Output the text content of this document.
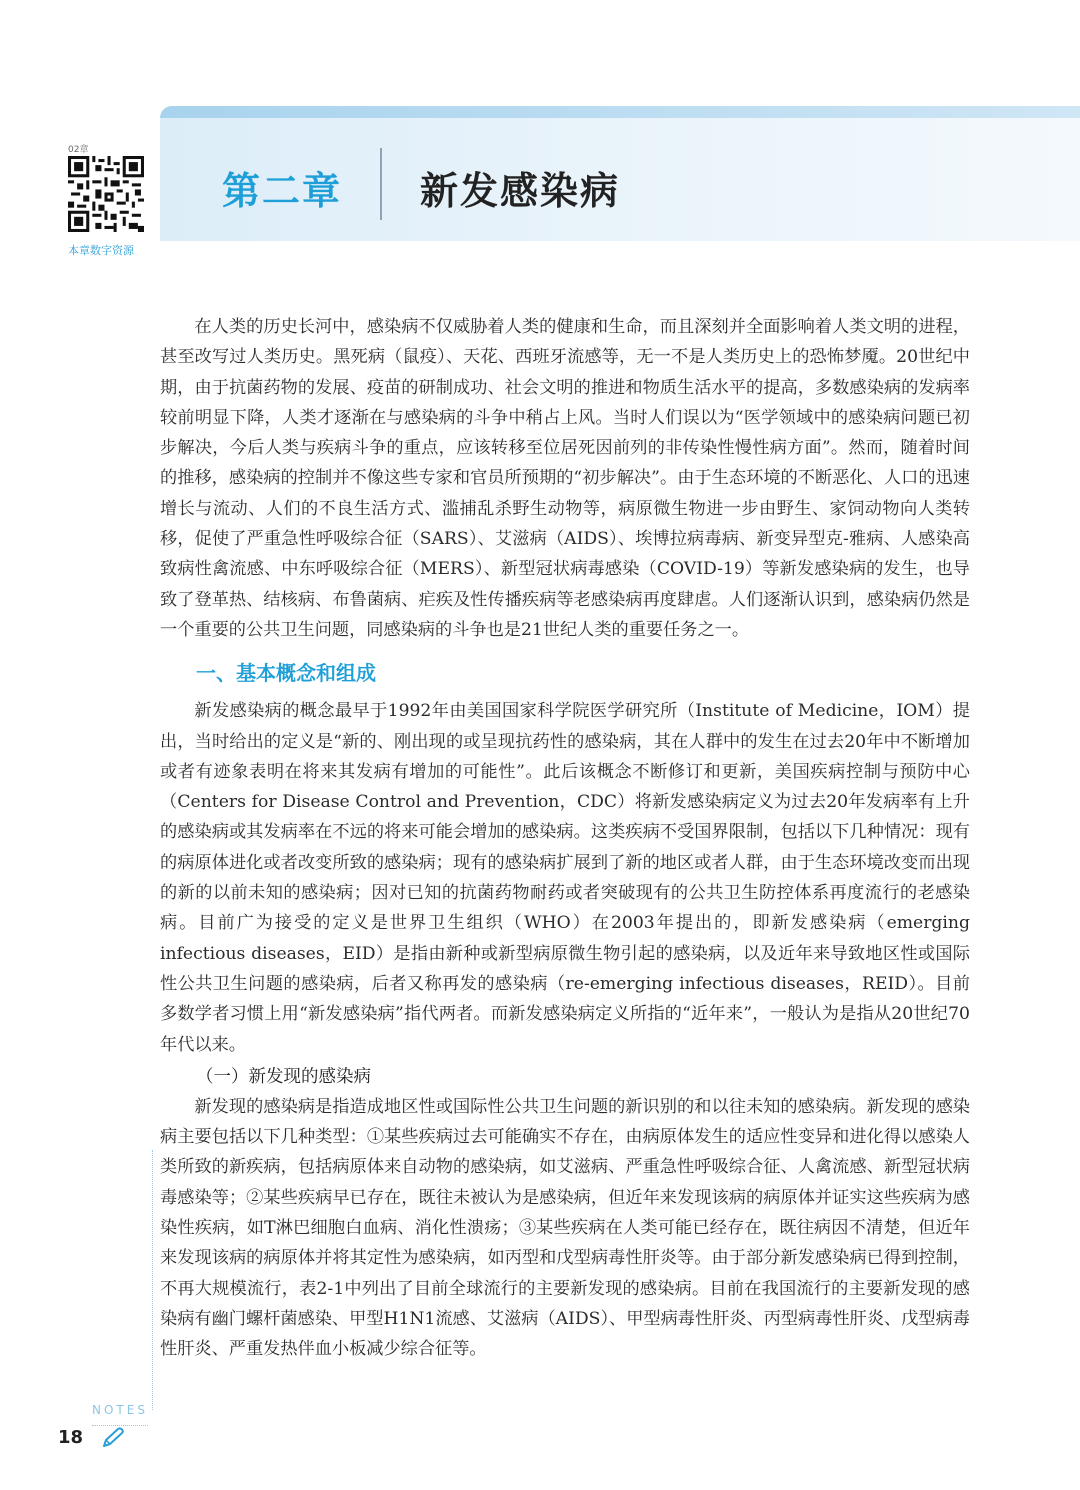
第二章 新发感染病
02章
本章数字资源

在人类的历史长河中，感染病不仅威胁着人类的健康和生命，而且深刻并全面影响着人类文明的进程，甚至改写过人类历史。黑死病（鼠疫）、天花、西班牙流感等，无一不是人类历史上的恐怖梦魇。20世纪中期，由于抗菌药物的发展、疫苗的研制成功、社会文明的推进和物质生活水平的提高，多数感染病的发病率较前明显下降，人类才逐渐在与感染病的斗争中稍占上风。当时人们误以为“医学领域中的感染病问题已初步解决，今后人类与疾病斗争的重点，应该转移至位居死因前列的非传染性慢性病方面”。然而，随着时间的推移，感染病的控制并不像这些专家和官员所预期的“初步解决”。由于生态环境的不断恶化、人口的迅速增长与流动、人们的不良生活方式、滥捕乱杀野生动物等，病原微生物进一步由野生、家饲动物向人类转移，促使了严重急性呼吸综合征（SARS）、艾滋病（AIDS）、埃博拉病毒病、新变异型克-雅病、人感染高致病性禽流感、中东呼吸综合征（MERS）、新型冠状病毒感染（COVID-19）等新发感染病的发生，也导致了登革热、结核病、布鲁菌病、疟疾及性传播疾病等老感染病再度肆虐。人们逐渐认识到，感染病仍然是一个重要的公共卫生问题，同感染病的斗争也是21世纪人类的重要任务之一。

一、基本概念和组成

新发感染病的概念最早于1992年由美国国家科学院医学研究所（Institute of Medicine，IOM）提出，当时给出的定义是“新的、刚出现的或呈现抗药性的感染病，其在人群中的发生在过去20年中不断增加或者有迹象表明在将来其发病有增加的可能性”。此后该概念不断修订和更新，美国疾病控制与预防中心（Centers for Disease Control and Prevention，CDC）将新发感染病定义为过去20年发病率有上升的感染病或其发病率在不远的将来可能会增加的感染病。这类疾病不受国界限制，包括以下几种情况：现有的病原体进化或者改变所致的感染病；现有的感染病扩展到了新的地区或者人群，由于生态环境改变而出现的新的以前未知的感染病；因对已知的抗菌药物耐药或者突破现有的公共卫生防控体系再度流行的老感染病。目前广为接受的定义是世界卫生组织（WHO）在2003年提出的，即新发感染病（emerging infectious diseases，EID）是指由新种或新型病原微生物引起的感染病，以及近年来导致地区性或国际性公共卫生问题的感染病，后者又称再发的感染病（re-emerging infectious diseases，REID）。目前多数学者习惯上用“新发感染病”指代两者。而新发感染病定义所指的“近年来”，一般认为是指从20世纪70年代以来。

（一）新发现的感染病

新发现的感染病是指造成地区性或国际性公共卫生问题的新识别的和以往未知的感染病。新发现的感染病主要包括以下几种类型：①某些疾病过去可能确实不存在，由病原体发生的适应性变异和进化得以感染人类所致的新疾病，包括病原体来自动物的感染病，如艾滋病、严重急性呼吸综合征、人禽流感、新型冠状病毒感染等；②某些疾病早已存在，既往未被认为是感染病，但近年来发现该病的病原体并证实这些疾病为感染性疾病，如T淋巴细胞白血病、消化性溃疡；③某些疾病在人类可能已经存在，既往病因不清楚，但近年来发现该病的病原体并将其定性为感染病，如丙型和戊型病毒性肝炎等。由于部分新发感染病已得到控制，不再大规模流行，表2-1中列出了目前全球流行的主要新发现的感染病。目前在我国流行的主要新发现的感染病有幽门螺杆菌感染、甲型H1N1流感、艾滋病（AIDS）、甲型病毒性肝炎、丙型病毒性肝炎、戊型病毒性肝炎、严重发热伴血小板减少综合征等。

NOTES
18
